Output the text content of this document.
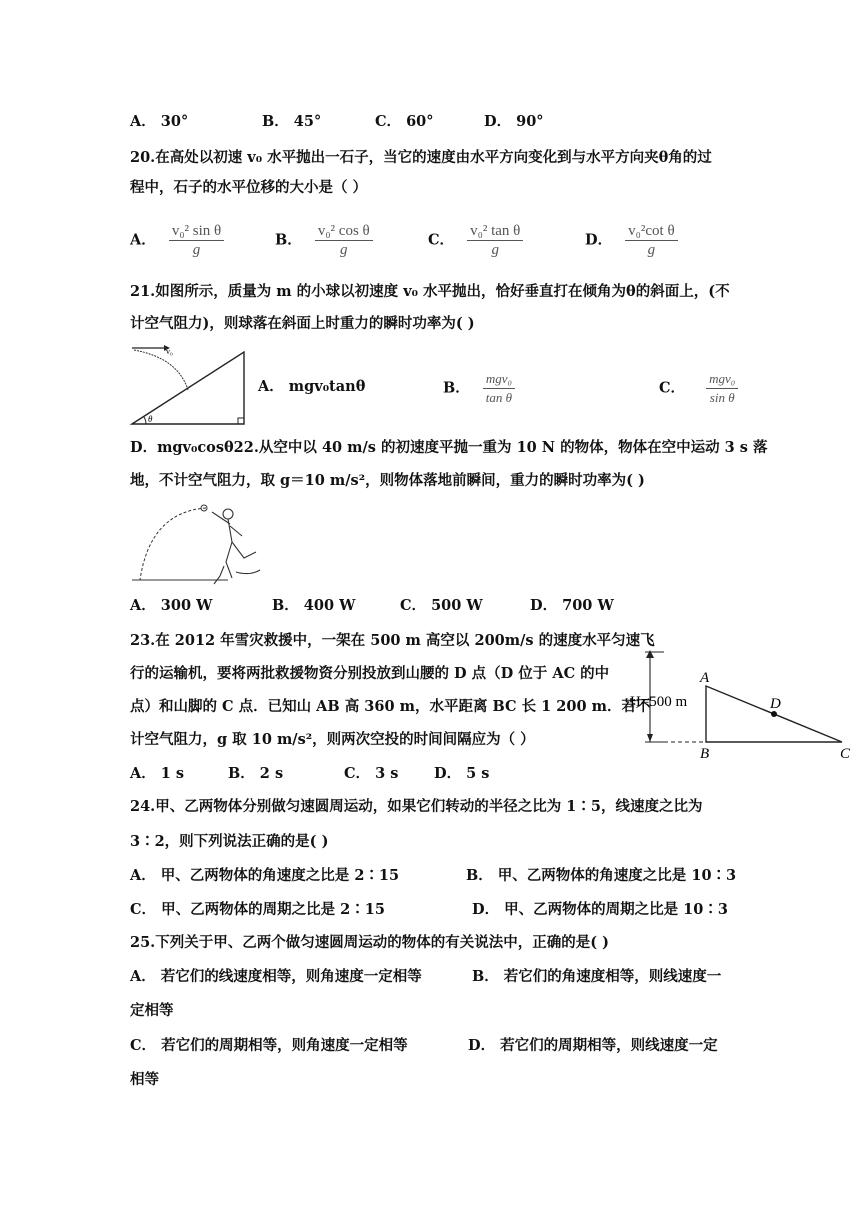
A． 30°	B． 45°	C． 60°	D． 90°
20.在高处以初速 v₀ 水平抛出一石子，当它的速度由水平方向变化到与水平方向夹θ角的过
程中，石子的水平位移的大小是（ ）
A． $\frac{\text{v₀² sin θ}}{g}$	B． $\frac{\text{v₀² cos θ}}{g}$	C． $\frac{\text{v₀² tan θ}}{g}$	D． $\frac{\text{v₀²cot θ}}{g}$
21.如图所示，质量为 m 的小球以初速度 v₀ 水平抛出，恰好垂直打在倾角为θ的斜面上，(不
计空气阻力)，则球落在斜面上时重力的瞬时功率为( )
v₀
θ
A． mgv₀tanθ	B． $\frac{\text{mgv₀}}{\text{tan θ}}$	C． $\frac{\text{mgv₀}}{\text{sin θ}}$
D．mgv₀cosθ22.从空中以 40 m/s 的初速度平抛一重为 10 N 的物体，物体在空中运动 3 s 落
地，不计空气阻力，取 g＝10 m/s²，则物体落地前瞬间，重力的瞬时功率为( )
A． 300 W	B． 400 W	C． 500 W	D． 700 W
23.在 2012 年雪灾救援中，一架在 500 m 高空以 200m/s 的速度水平匀速飞
行的运输机，要将两批救援物资分别投放到山腰的 D 点（D 位于 AC 的中
点）和山脚的 C 点．已知山 AB 高 360 m，水平距离 BC 长 1 200 m．若不
计空气阻力，g 取 10 m/s²，则两次空投的时间间隔应为（ ）
H=500 m
A
B	C
D
A． 1 s	B． 2 s	C． 3 s D． 5 s
24.甲、乙两物体分别做匀速圆周运动，如果它们转动的半径之比为 1∶5，线速度之比为
3∶2，则下列说法正确的是( )
A． 甲、乙两物体的角速度之比是 2∶15	B． 甲、乙两物体的角速度之比是 10∶3
C． 甲、乙两物体的周期之比是 2∶15	D． 甲、乙两物体的周期之比是 10∶3
25.下列关于甲、乙两个做匀速圆周运动的物体的有关说法中，正确的是( )
A． 若它们的线速度相等，则角速度一定相等	B． 若它们的角速度相等，则线速度一
定相等
C． 若它们的周期相等，则角速度一定相等	D． 若它们的周期相等，则线速度一定
相等
